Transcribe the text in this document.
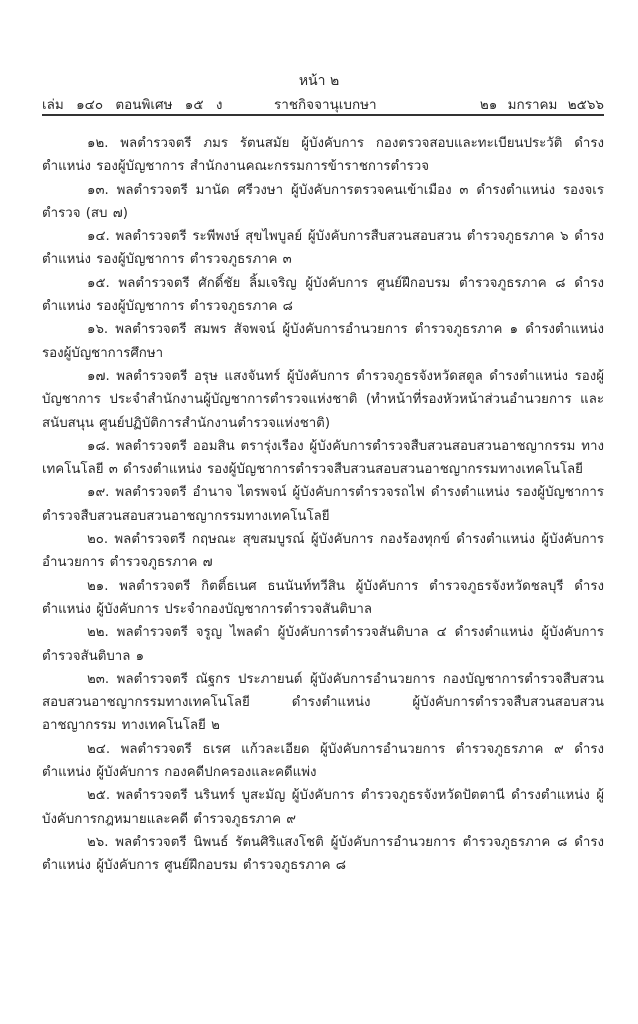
หน้า ๒
เล่ม ๑๔๐ ตอนพิเศษ ๑๕ ง	ราชกิจจานุเบกษา	๒๑ มกราคม ๒๕๖๖

๑๒. พลตำรวจตรี ภมร รัตนสมัย ผู้บังคับการ กองตรวจสอบและทะเบียนประวัติ ดำรงตำแหน่ง รองผู้บัญชาการ สำนักงานคณะกรรมการข้าราชการตำรวจ

๑๓. พลตำรวจตรี มานัด ศรีวงษา ผู้บังคับการตรวจคนเข้าเมือง ๓ ดำรงตำแหน่ง รองจเรตำรวจ (สบ ๗)

๑๔. พลตำรวจตรี ระพีพงษ์ สุขไพบูลย์ ผู้บังคับการสืบสวนสอบสวน ตำรวจภูธรภาค ๖ ดำรงตำแหน่ง รองผู้บัญชาการ ตำรวจภูธรภาค ๓

๑๕. พลตำรวจตรี ศักดิ์ชัย ลิ้มเจริญ ผู้บังคับการ ศูนย์ฝึกอบรม ตำรวจภูธรภาค ๘ ดำรงตำแหน่ง รองผู้บัญชาการ ตำรวจภูธรภาค ๘

๑๖. พลตำรวจตรี สมพร สัจพจน์ ผู้บังคับการอำนวยการ ตำรวจภูธรภาค ๑ ดำรงตำแหน่ง รองผู้บัญชาการศึกษา

๑๗. พลตำรวจตรี อรุษ แสงจันทร์ ผู้บังคับการ ตำรวจภูธรจังหวัดสตูล ดำรงตำแหน่ง รองผู้บัญชาการ ประจำสำนักงานผู้บัญชาการตำรวจแห่งชาติ (ทำหน้าที่รองหัวหน้าส่วนอำนวยการ และสนับสนุน ศูนย์ปฏิบัติการสำนักงานตำรวจแห่งชาติ)

๑๘. พลตำรวจตรี ออมสิน ตรารุ่งเรือง ผู้บังคับการตำรวจสืบสวนสอบสวนอาชญากรรม ทางเทคโนโลยี ๓ ดำรงตำแหน่ง รองผู้บัญชาการตำรวจสืบสวนสอบสวนอาชญากรรมทางเทคโนโลยี

๑๙. พลตำรวจตรี อำนาจ ไตรพจน์ ผู้บังคับการตำรวจรถไฟ ดำรงตำแหน่ง รองผู้บัญชาการ ตำรวจสืบสวนสอบสวนอาชญากรรมทางเทคโนโลยี

๒๐. พลตำรวจตรี กฤษณะ สุขสมบูรณ์ ผู้บังคับการ กองร้องทุกข์ ดำรงตำแหน่ง ผู้บังคับการ อำนวยการ ตำรวจภูธรภาค ๗

๒๑. พลตำรวจตรี กิตติ์ธเนศ ธนนันท์ทวีสิน ผู้บังคับการ ตำรวจภูธรจังหวัดชลบุรี ดำรงตำแหน่ง ผู้บังคับการ ประจำกองบัญชาการตำรวจสันติบาล

๒๒. พลตำรวจตรี จรูญ ไพลดำ ผู้บังคับการตำรวจสันติบาล ๔ ดำรงตำแหน่ง ผู้บังคับการ ตำรวจสันติบาล ๑

๒๓. พลตำรวจตรี ณัฐกร ประภายนต์ ผู้บังคับการอำนวยการ กองบัญชาการตำรวจสืบสวน สอบสวนอาชญากรรมทางเทคโนโลยี ดำรงตำแหน่ง ผู้บังคับการตำรวจสืบสวนสอบสวนอาชญากรรม ทางเทคโนโลยี ๒

๒๔. พลตำรวจตรี ธเรศ แก้วละเอียด ผู้บังคับการอำนวยการ ตำรวจภูธรภาค ๙ ดำรงตำแหน่ง ผู้บังคับการ กองคดีปกครองและคดีแพ่ง

๒๕. พลตำรวจตรี นรินทร์ บูสะมัญ ผู้บังคับการ ตำรวจภูธรจังหวัดปัตตานี ดำรงตำแหน่ง ผู้บังคับการกฎหมายและคดี ตำรวจภูธรภาค ๙

๒๖. พลตำรวจตรี นิพนธ์ รัตนศิริแสงโชติ ผู้บังคับการอำนวยการ ตำรวจภูธรภาค ๘ ดำรงตำแหน่ง ผู้บังคับการ ศูนย์ฝึกอบรม ตำรวจภูธรภาค ๘
